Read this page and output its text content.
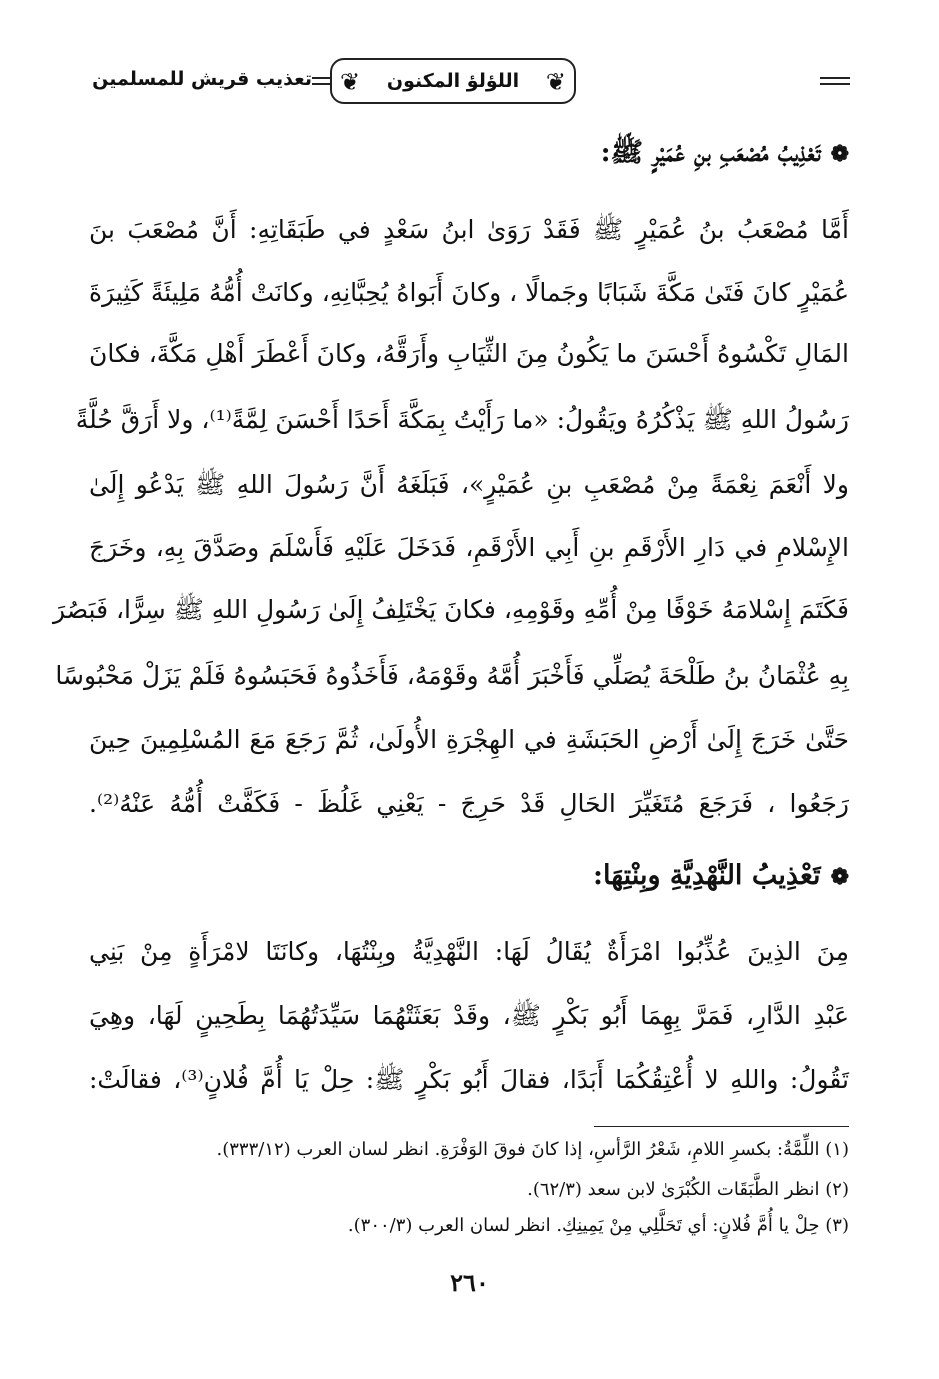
❦
اللؤلؤ المكنون
❦
تعذيب قريش للمسلمين
❁تَعْذِيبُ مُصْعَبِ بنِ عُمَيْرٍ ﷺ:
أَمَّا مُصْعَبُ بنُ عُمَيْرٍ ﷺ فَقَدْ رَوَىٰ ابنُ سَعْدٍ في طَبَقَاتِهِ: أَنَّ مُصْعَبَ بنَ
عُمَيْرٍ كانَ فَتَىٰ مَكَّةَ شَبَابًا وجَمالًا ، وكانَ أَبَواهُ يُحِبَّانِهِ، وكانَتْ أُمُّهُ مَلِيئَةً كَثِيرَةَ
المَالِ تَكْسُوهُ أَحْسَنَ ما يَكُونُ مِنَ الثِّيَابِ وأَرَقَّهُ، وكانَ أَعْطَرَ أَهْلِ مَكَّةَ، فكانَ
رَسُولُ اللهِ ﷺ يَذْكُرُهُ ويَقُولُ: «ما رَأَيْتُ بِمَكَّةَ أَحَدًا أَحْسَنَ لِمَّةً⁽¹⁾، ولا أَرَقَّ حُلَّةً
ولا أَنْعَمَ نِعْمَةً مِنْ مُصْعَبِ بنِ عُمَيْرٍ»، فَبَلَغَهُ أَنَّ رَسُولَ اللهِ ﷺ يَدْعُو إِلَىٰ
الإِسْلامِ في دَارِ الأَرْقَمِ بنِ أَبِي الأَرْقَمِ، فَدَخَلَ عَلَيْهِ فَأَسْلَمَ وصَدَّقَ بِهِ، وخَرَجَ
فَكَتَمَ إِسْلامَهُ خَوْفًا مِنْ أُمِّهِ وقَوْمِهِ، فكانَ يَخْتَلِفُ إِلَىٰ رَسُولِ اللهِ ﷺ سِرًّا، فَبَصُرَ
بِهِ عُثْمَانُ بنُ طَلْحَةَ يُصَلِّي فَأَخْبَرَ أُمَّهُ وقَوْمَهُ، فَأَخَذُوهُ فَحَبَسُوهُ فَلَمْ يَزَلْ مَحْبُوسًا
حَتَّىٰ خَرَجَ إِلَىٰ أَرْضِ الحَبَشَةِ في الهِجْرَةِ الأُولَىٰ، ثُمَّ رَجَعَ مَعَ المُسْلِمِينَ حِينَ
رَجَعُوا ، فَرَجَعَ مُتَغَيِّرَ الحَالِ قَدْ حَرِجَ - يَعْنِي غَلُظَ - فَكَفَّتْ أُمُّهُ عَنْهُ⁽²⁾.
❁تَعْذِيبُ النَّهْدِيَّةِ وبِنْتِهَا:
مِنَ الذِينَ عُذِّبُوا امْرَأَةٌ يُقَالُ لَهَا: النَّهْدِيَّةُ وبِنْتُهَا، وكانَتَا لامْرَأَةٍ مِنْ بَنِي
عَبْدِ الدَّارِ، فَمَرَّ بِهِمَا أَبُو بَكْرٍ ﷺ، وقَدْ بَعَثَتْهُمَا سَيِّدَتُهُمَا بِطَحِينٍ لَهَا، وهِيَ
تَقُولُ: واللهِ لا أُعْتِقُكُمَا أَبَدًا، فقالَ أَبُو بَكْرٍ ﷺ: حِلْ يَا أُمَّ فُلانٍ⁽³⁾، فقالَتْ:
(١) اللِّمَّةُ: بكسرِ اللامِ، شَعْرُ الرَّأسِ، إذا كانَ فوقَ الوَفْرَةِ. انظر لسان العرب (٣٣٣/١٢).
(٢) انظر الطَّبَقَات الكُبْرَىٰ لابن سعد (٦٢/٣).
(٣) حِلْ يا أُمَّ فُلانٍ: أي تَحَلَّلِي مِنْ يَمِينِكِ. انظر لسان العرب (٣٠٠/٣).
٢٦٠
